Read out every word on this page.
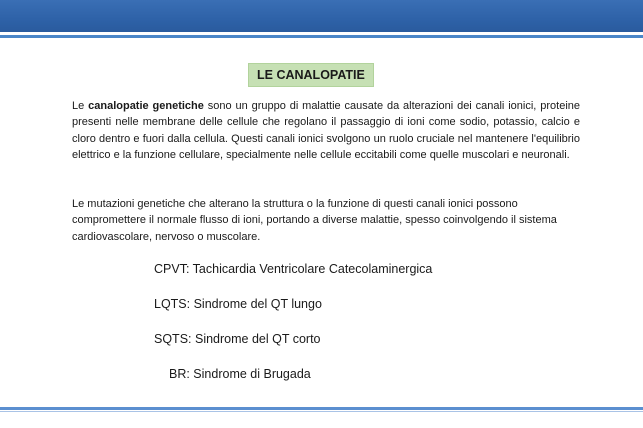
LE CANALOPATIE

Le canalopatie genetiche sono un gruppo di malattie causate da alterazioni dei canali ionici, proteine presenti nelle membrane delle cellule che regolano il passaggio di ioni come sodio, potassio, calcio e cloro dentro e fuori dalla cellula. Questi canali ionici svolgono un ruolo cruciale nel mantenere l'equilibrio elettrico e la funzione cellulare, specialmente nelle cellule eccitabili come quelle muscolari e neuronali.

Le mutazioni genetiche che alterano la struttura o la funzione di questi canali ionici possono compromettere il normale flusso di ioni, portando a diverse malattie, spesso coinvolgendo il sistema cardiovascolare, nervoso o muscolare.

CPVT: Tachicardia Ventricolare Catecolaminergica
LQTS: Sindrome del QT lungo
SQTS: Sindrome del QT corto
BR: Sindrome di Brugada
